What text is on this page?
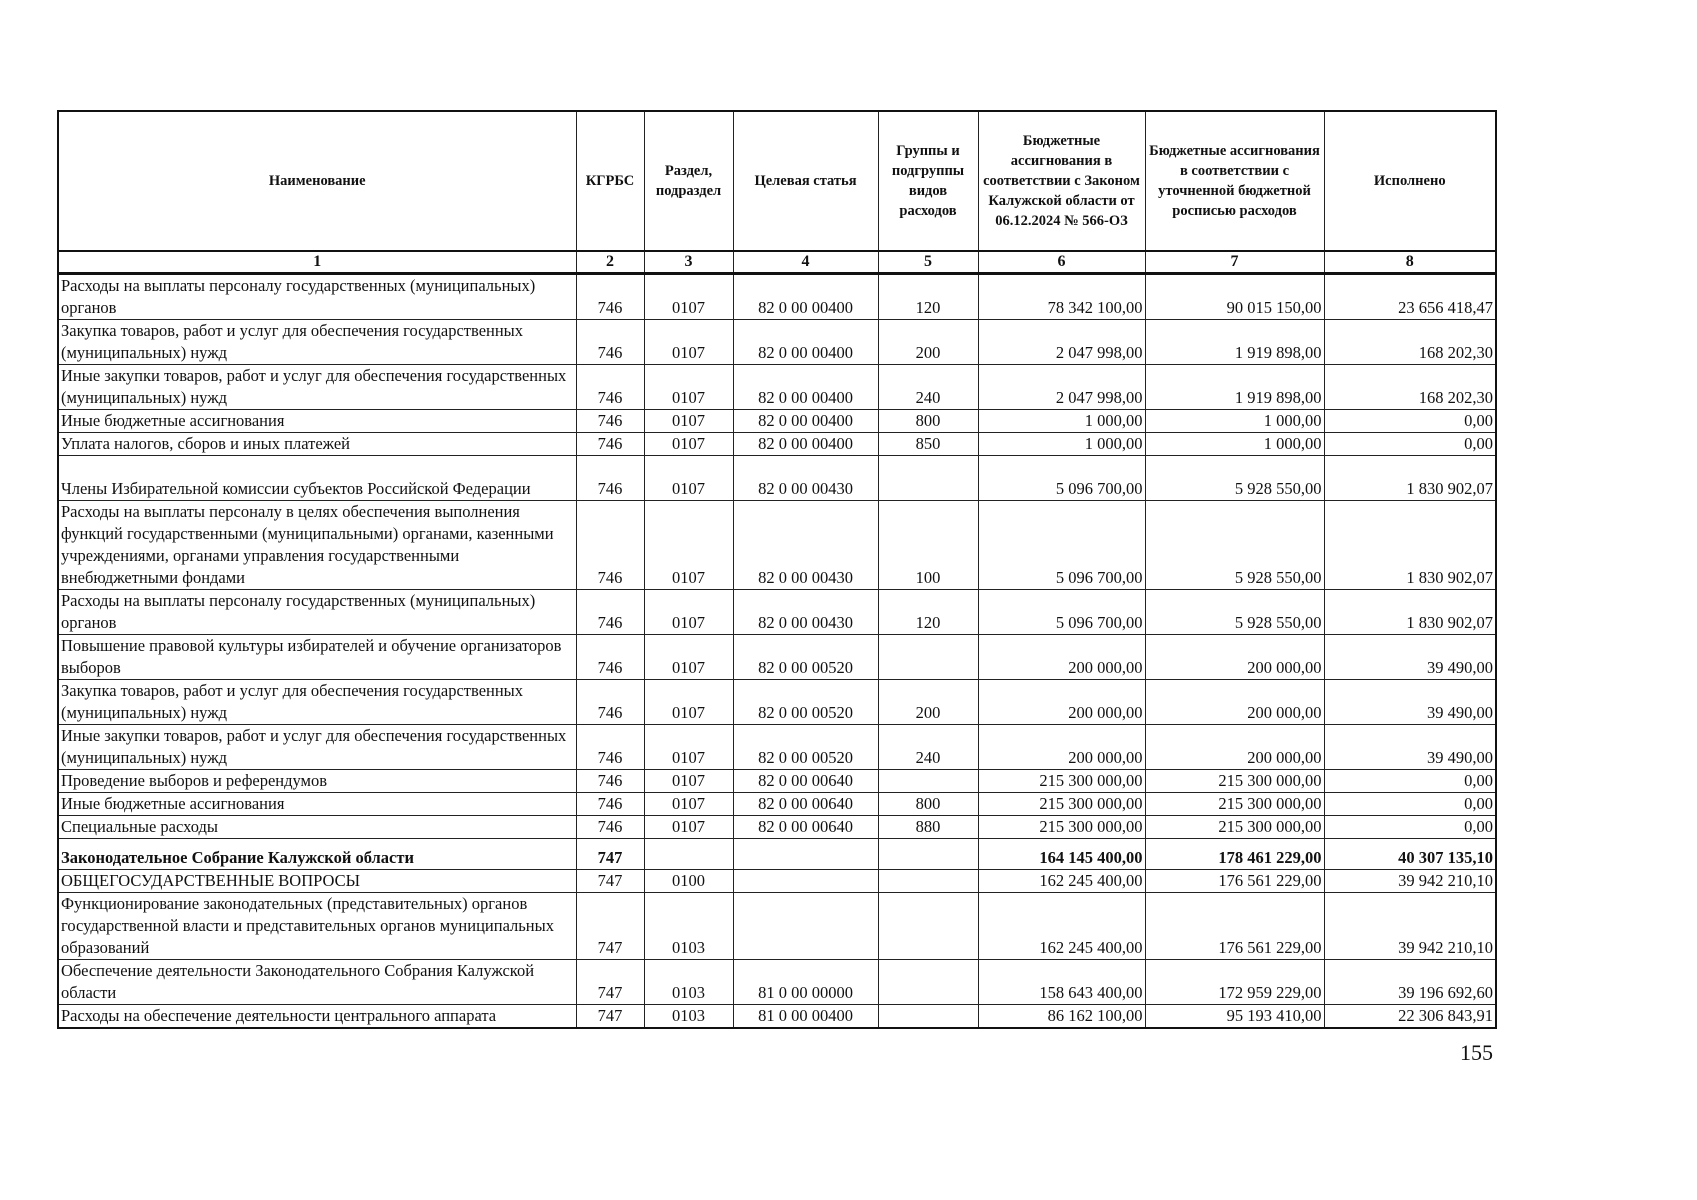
Наименование	КГРБС	Раздел, подраздел	Целевая статья	Группы и подгруппы видов расходов	Бюджетные ассигнования в соответствии с Законом Калужской области от 06.12.2024 № 566-ОЗ	Бюджетные ассигнования в соответствии с уточненной бюджетной росписью расходов	Исполнено
1	2	3	4	5	6	7	8
Расходы на выплаты персоналу государственных (муниципальных) органов	746	0107	82 0 00 00400	120	78 342 100,00	90 015 150,00	23 656 418,47
Закупка товаров, работ и услуг для обеспечения государственных (муниципальных) нужд	746	0107	82 0 00 00400	200	2 047 998,00	1 919 898,00	168 202,30
Иные закупки товаров, работ и услуг для обеспечения государственных (муниципальных) нужд	746	0107	82 0 00 00400	240	2 047 998,00	1 919 898,00	168 202,30
Иные бюджетные ассигнования	746	0107	82 0 00 00400	800	1 000,00	1 000,00	0,00
Уплата налогов, сборов и иных платежей	746	0107	82 0 00 00400	850	1 000,00	1 000,00	0,00
Члены Избирательной комиссии субъектов Российской Федерации	746	0107	82 0 00 00430		5 096 700,00	5 928 550,00	1 830 902,07
Расходы на выплаты персоналу в целях обеспечения выполнения функций государственными (муниципальными) органами, казенными учреждениями, органами управления государственными внебюджетными фондами	746	0107	82 0 00 00430	100	5 096 700,00	5 928 550,00	1 830 902,07
Расходы на выплаты персоналу государственных (муниципальных) органов	746	0107	82 0 00 00430	120	5 096 700,00	5 928 550,00	1 830 902,07
Повышение правовой культуры избирателей и обучение организаторов выборов	746	0107	82 0 00 00520		200 000,00	200 000,00	39 490,00
Закупка товаров, работ и услуг для обеспечения государственных (муниципальных) нужд	746	0107	82 0 00 00520	200	200 000,00	200 000,00	39 490,00
Иные закупки товаров, работ и услуг для обеспечения государственных (муниципальных) нужд	746	0107	82 0 00 00520	240	200 000,00	200 000,00	39 490,00
Проведение выборов и референдумов	746	0107	82 0 00 00640		215 300 000,00	215 300 000,00	0,00
Иные бюджетные ассигнования	746	0107	82 0 00 00640	800	215 300 000,00	215 300 000,00	0,00
Специальные расходы	746	0107	82 0 00 00640	880	215 300 000,00	215 300 000,00	0,00
Законодательное Собрание Калужской области	747				164 145 400,00	178 461 229,00	40 307 135,10
ОБЩЕГОСУДАРСТВЕННЫЕ ВОПРОСЫ	747	0100			162 245 400,00	176 561 229,00	39 942 210,10
Функционирование законодательных (представительных) органов государственной власти и представительных органов муниципальных образований	747	0103			162 245 400,00	176 561 229,00	39 942 210,10
Обеспечение деятельности Законодательного Собрания Калужской области	747	0103	81 0 00 00000		158 643 400,00	172 959 229,00	39 196 692,60
Расходы на обеспечение деятельности центрального аппарата	747	0103	81 0 00 00400		86 162 100,00	95 193 410,00	22 306 843,91
155
